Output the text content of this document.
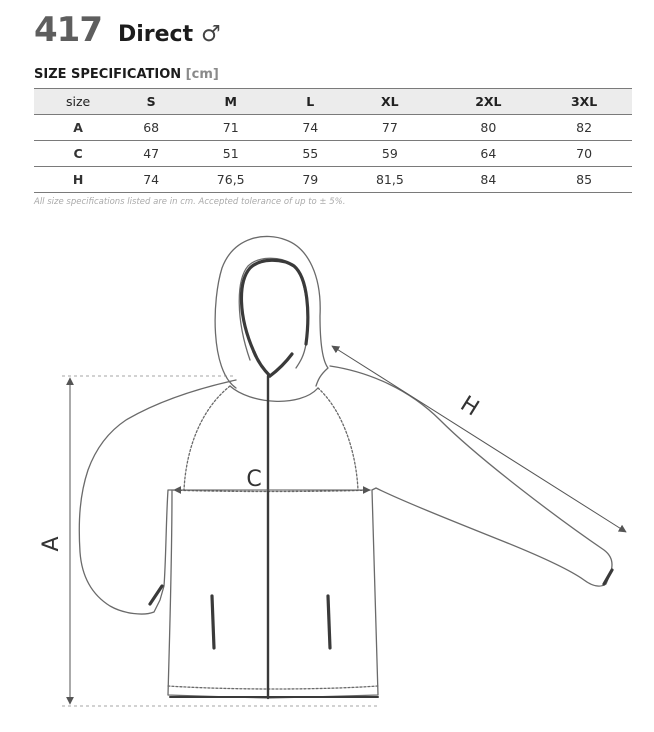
417 Direct ♂
SIZE SPECIFICATION [cm]
size	S	M	L	XL	2XL	3XL
A	68	71	74	77	80	82
C	47	51	55	59	64	70
H	74	76,5	79	81,5	84	85
All size specifications listed are in cm. Accepted tolerance of up to ± 5%.
A
C
H
